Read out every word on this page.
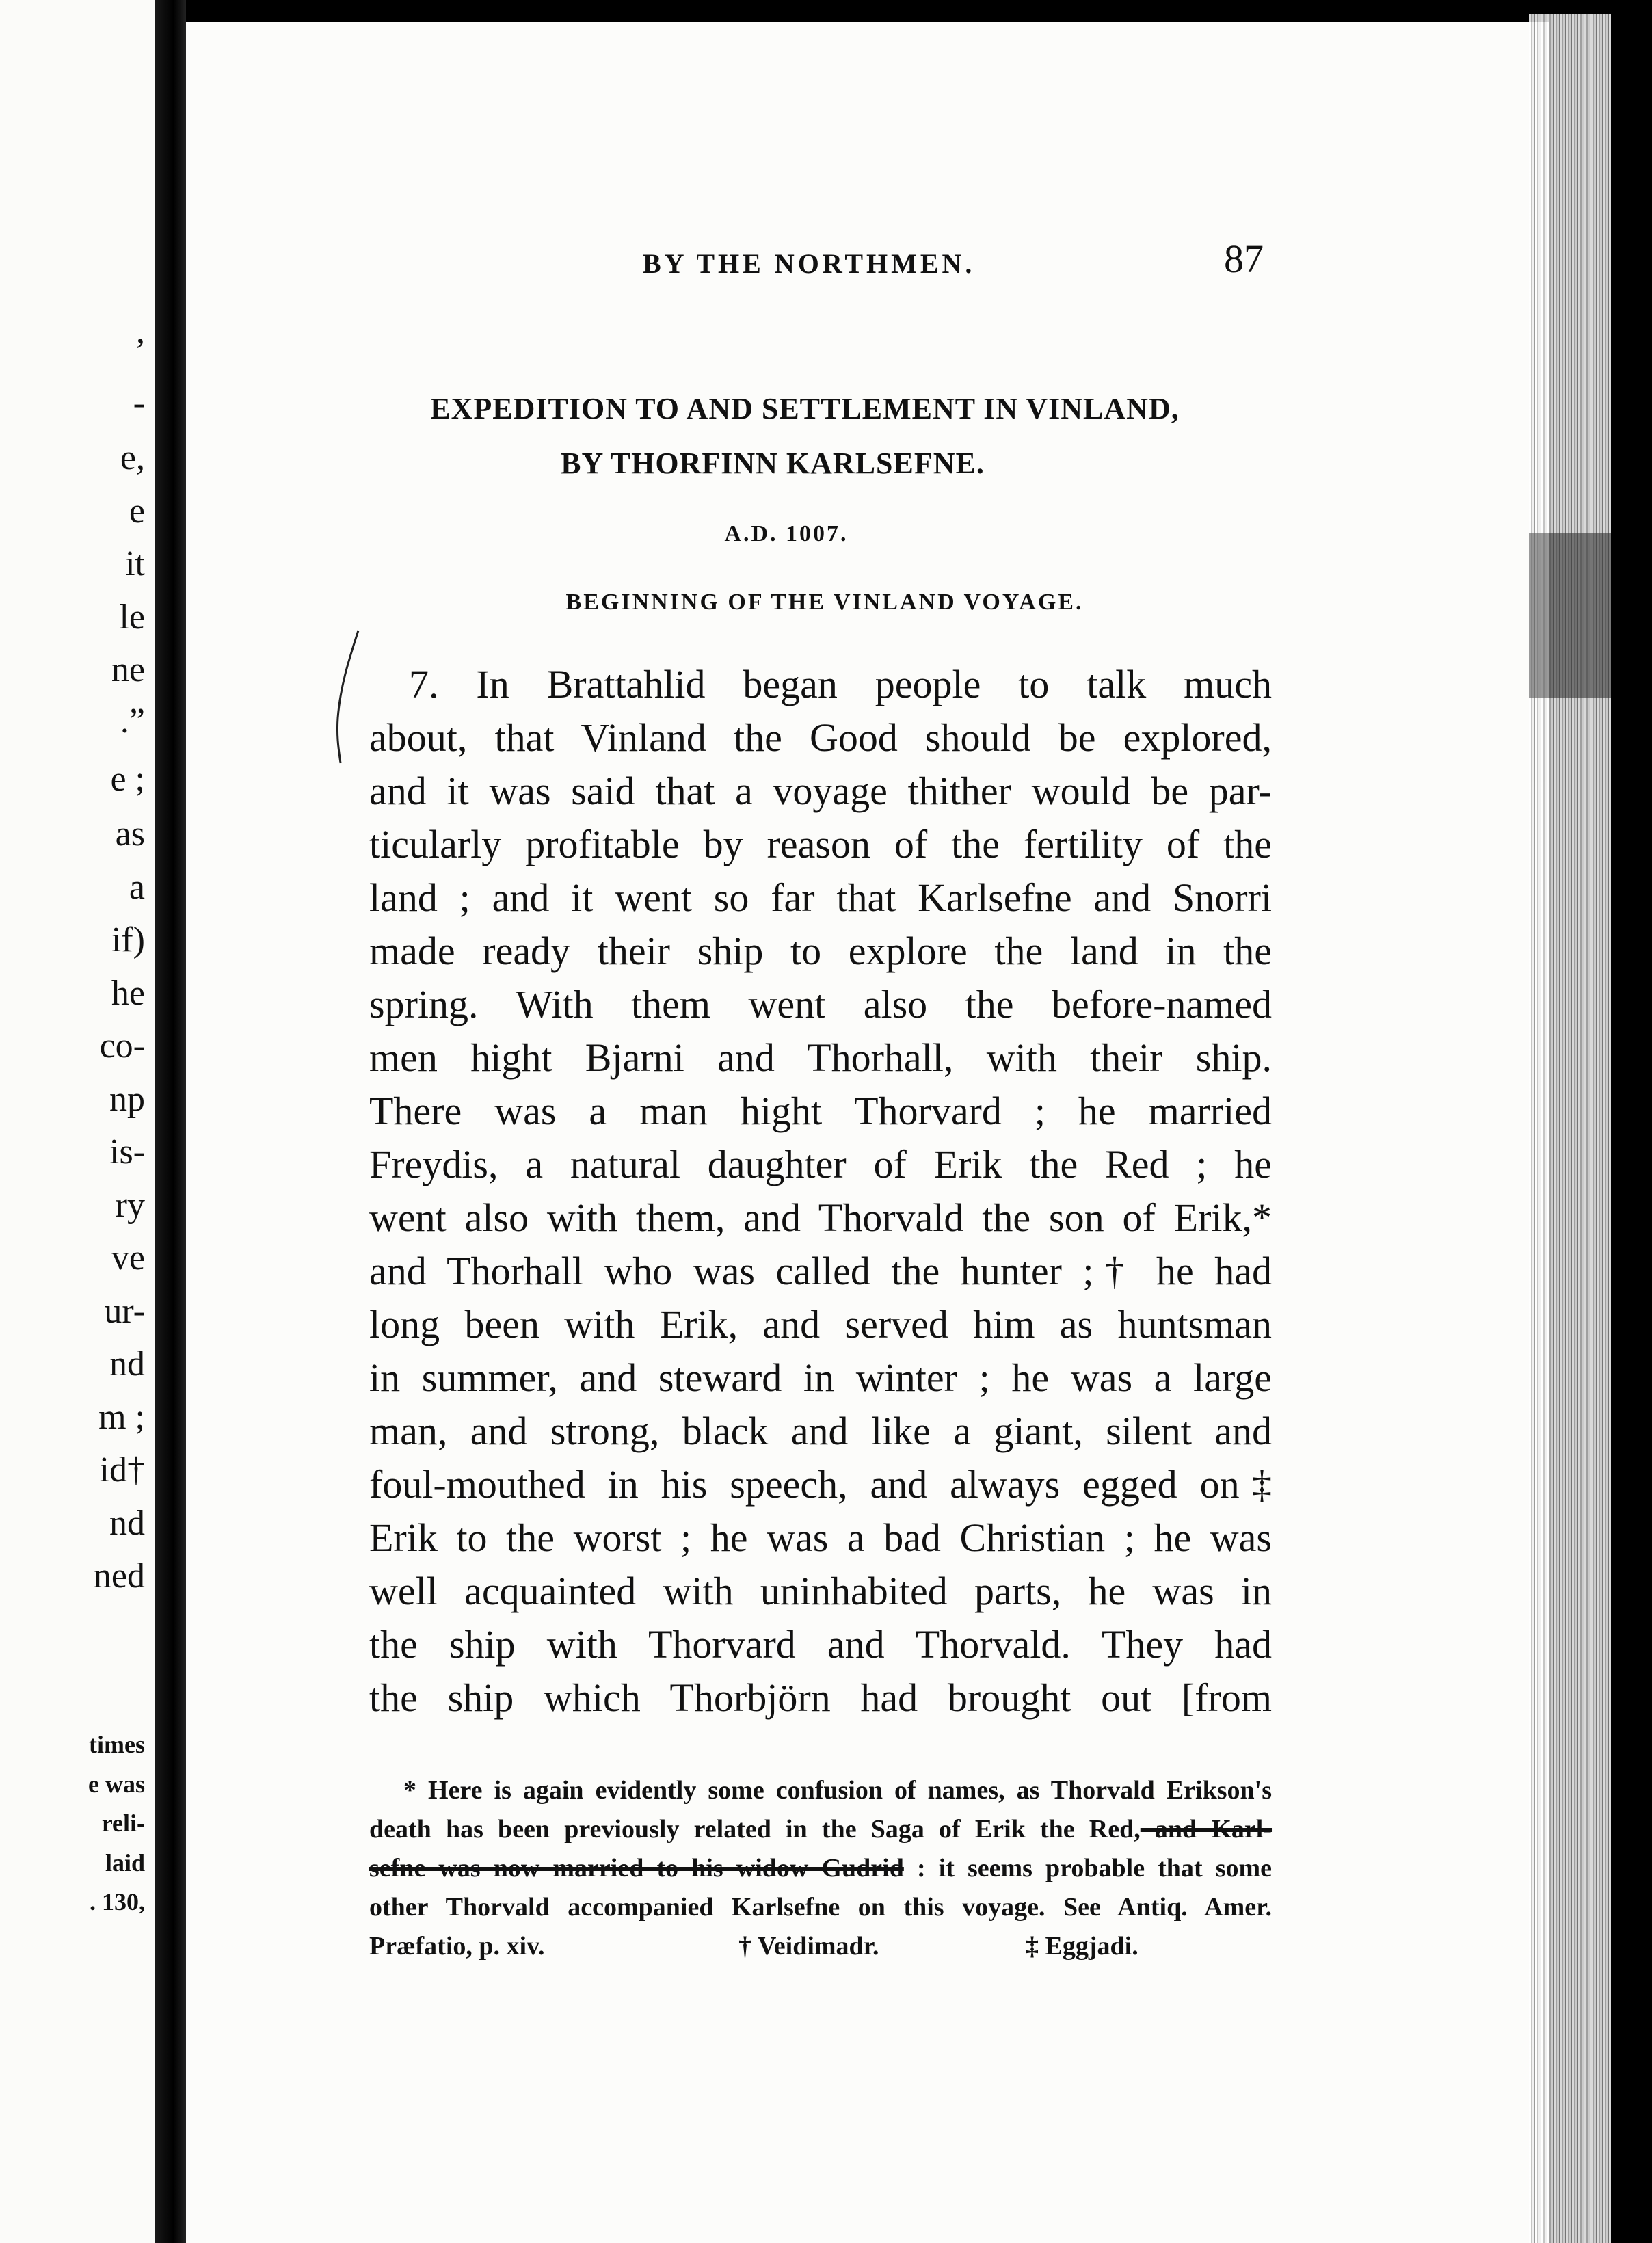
,
-
e,
e
it
le
ne
.”
e ;
as
a
if)
he
co-
np
is-
ry
ve
ur-
nd
m ;
id†
nd
ned
times
e was
reli-
laid
. 130,
BY THE NORTHMEN.	87
EXPEDITION TO AND SETTLEMENT IN VINLAND,
BY THORFINN KARLSEFNE.
A.D. 1007.
BEGINNING OF THE VINLAND VOYAGE.
7. In Brattahlid began people to talk much
about, that Vinland the Good should be explored,
and it was said that a voyage thither would be par-
ticularly profitable by reason of the fertility of the
land ; and it went so far that Karlsefne and Snorri
made ready their ship to explore the land in the
spring. With them went also the before-named
men hight Bjarni and Thorhall, with their ship.
There was a man hight Thorvard ; he married
Freydis, a natural daughter of Erik the Red ; he
went also with them, and Thorvald the son of Erik,*
and Thorhall who was called the hunter ;† he had
long been with Erik, and served him as huntsman
in summer, and steward in winter ; he was a large
man, and strong, black and like a giant, silent and
foul-mouthed in his speech, and always egged on‡
Erik to the worst ; he was a bad Christian ; he was
well acquainted with uninhabited parts, he was in
the ship with Thorvard and Thorvald. They had
the ship which Thorbjörn had brought out [from
* Here is again evidently some confusion of names, as Thorvald Erikson's
death has been previously related in the Saga of Erik the Red, and Karl-
sefne was now married to his widow Gudrid : it seems probable that some
other Thorvald accompanied Karlsefne on this voyage. See Antiq. Amer.
Præfatio, p. xiv.	† Veidimadr.	‡ Eggjadi.
